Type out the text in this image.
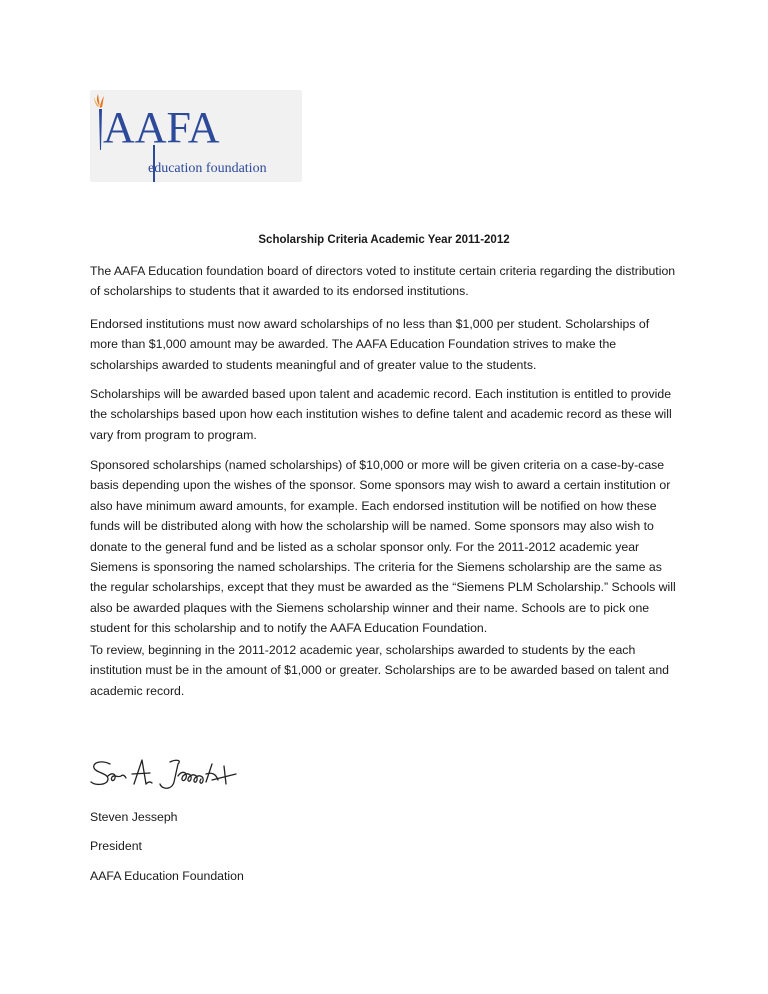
AAFA
education foundation
Scholarship Criteria Academic Year 2011-2012

The AAFA Education foundation board of directors voted to institute certain criteria regarding the distribution of scholarships to students that it awarded to its endorsed institutions.

Endorsed institutions must now award scholarships of no less than $1,000 per student. Scholarships of more than $1,000 amount may be awarded. The AAFA Education Foundation strives to make the scholarships awarded to students meaningful and of greater value to the students.

Scholarships will be awarded based upon talent and academic record. Each institution is entitled to provide the scholarships based upon how each institution wishes to define talent and academic record as these will vary from program to program.

Sponsored scholarships (named scholarships) of $10,000 or more will be given criteria on a case-by-case basis depending upon the wishes of the sponsor. Some sponsors may wish to award a certain institution or also have minimum award amounts, for example. Each endorsed institution will be notified on how these funds will be distributed along with how the scholarship will be named. Some sponsors may also wish to donate to the general fund and be listed as a scholar sponsor only. For the 2011-2012 academic year Siemens is sponsoring the named scholarships. The criteria for the Siemens scholarship are the same as the regular scholarships, except that they must be awarded as the “Siemens PLM Scholarship.” Schools will also be awarded plaques with the Siemens scholarship winner and their name. Schools are to pick one student for this scholarship and to notify the AAFA Education Foundation.

To review, beginning in the 2011-2012 academic year, scholarships awarded to students by the each institution must be in the amount of $1,000 or greater. Scholarships are to be awarded based on talent and academic record.

Steven Jesseph
President
AAFA Education Foundation
